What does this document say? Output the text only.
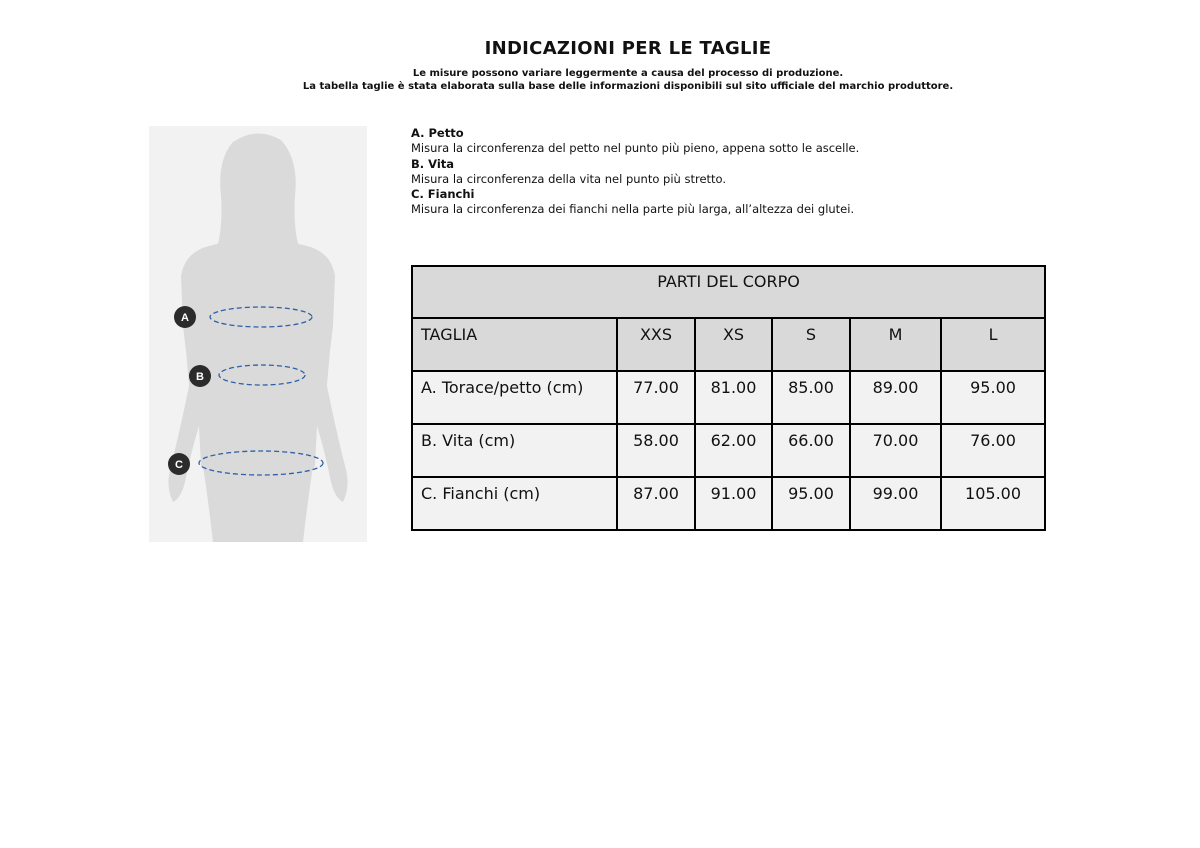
INDICAZIONI PER LE TAGLIE
Le misure possono variare leggermente a causa del processo di produzione.
La tabella taglie è stata elaborata sulla base delle informazioni disponibili sul sito ufficiale del marchio produttore.
A
B
C
A. Petto
Misura la circonferenza del petto nel punto più pieno, appena sotto le ascelle.
B. Vita
Misura la circonferenza della vita nel punto più stretto.
C. Fianchi
Misura la circonferenza dei fianchi nella parte più larga, all’altezza dei glutei.
PARTI DEL CORPO					
TAGLIA	XXS	XS	S	M	L
A. Torace/petto (cm)	77.00	81.00	85.00	89.00	95.00
B. Vita (cm)	58.00	62.00	66.00	70.00	76.00
C. Fianchi (cm)	87.00	91.00	95.00	99.00	105.00
